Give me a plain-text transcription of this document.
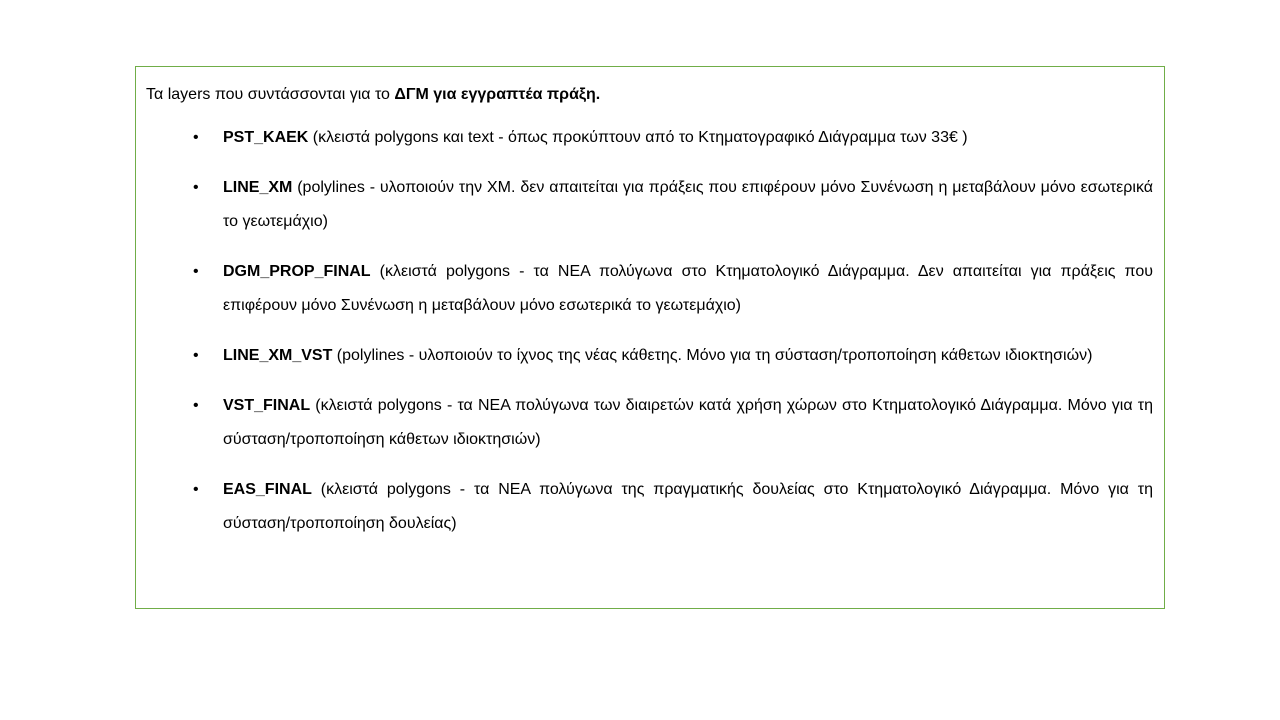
Τα layers που συντάσσονται για το ΔΓΜ για εγγραπτέα πράξη.

• PST_KAEK (κλειστά polygons και text - όπως προκύπτουν από το Κτηματογραφικό Διάγραμμα των 33€ )
• LINE_XM (polylines - υλοποιούν την ΧΜ. δεν απαιτείται για πράξεις που επιφέρουν μόνο Συνένωση η μεταβάλουν μόνο εσωτερικά το γεωτεμάχιο)
• DGM_PROP_FINAL (κλειστά polygons - τα ΝΕΑ πολύγωνα στο Κτηματολογικό Διάγραμμα. Δεν απαιτείται για πράξεις που επιφέρουν μόνο Συνένωση η μεταβάλουν μόνο εσωτερικά το γεωτεμάχιο)
• LINE_XM_VST (polylines - υλοποιούν το ίχνος της νέας κάθετης. Μόνο για τη σύσταση/τροποποίηση κάθετων ιδιοκτησιών)
• VST_FINAL (κλειστά polygons - τα ΝΕΑ πολύγωνα των διαιρετών κατά χρήση χώρων στο Κτηματολογικό Διάγραμμα. Μόνο για τη σύσταση/τροποποίηση κάθετων ιδιοκτησιών)
• EAS_FINAL (κλειστά polygons - τα ΝΕΑ πολύγωνα της πραγματικής δουλείας στο Κτηματολογικό Διάγραμμα. Μόνο για τη σύσταση/τροποποίηση δουλείας)
